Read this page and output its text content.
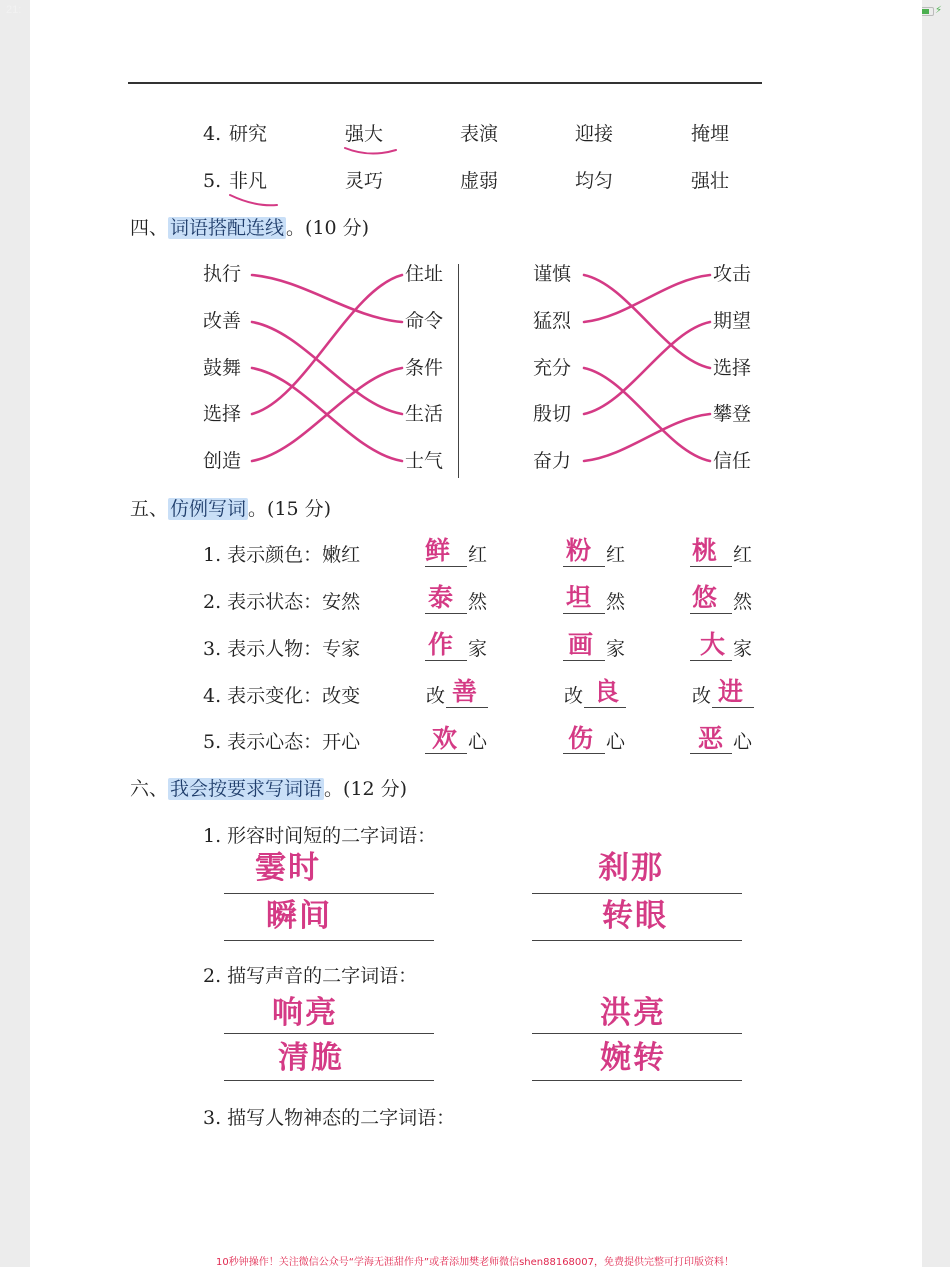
21:	⚡
4. 研究	强大	表演	迎接	掩埋
5. 非凡	灵巧	虚弱	均匀	强壮
四、 词语搭配连线 。(10 分)
执行
改善
鼓舞
选择
创造
住址
命令
条件
生活
士气
谨慎
猛烈
充分
殷切
奋力
攻击
期望
选择
攀登
信任
五、 仿例写词 。(15 分)
1. 表示颜色：嫩红	鲜 红	粉 红	桃 红
2. 表示状态：安然	泰 然	坦 然	悠 然
3. 表示人物：专家	作 家	画 家	大 家
4. 表示变化：改变	改 善	改 良	改 进
5. 表示心态：开心	欢 心	伤 心	恶 心
六、 我会按要求写词语 。(12 分)
1. 形容时间短的二字词语：
霎时	刹那
瞬间	转眼
2. 描写声音的二字词语：
响亮	洪亮
清脆	婉转
3. 描写人物神态的二字词语：
10秒钟操作！关注微信公众号“学海无涯甜作舟”或者添加樊老师微信shen88168007，免费提供完整可打印版资料！
